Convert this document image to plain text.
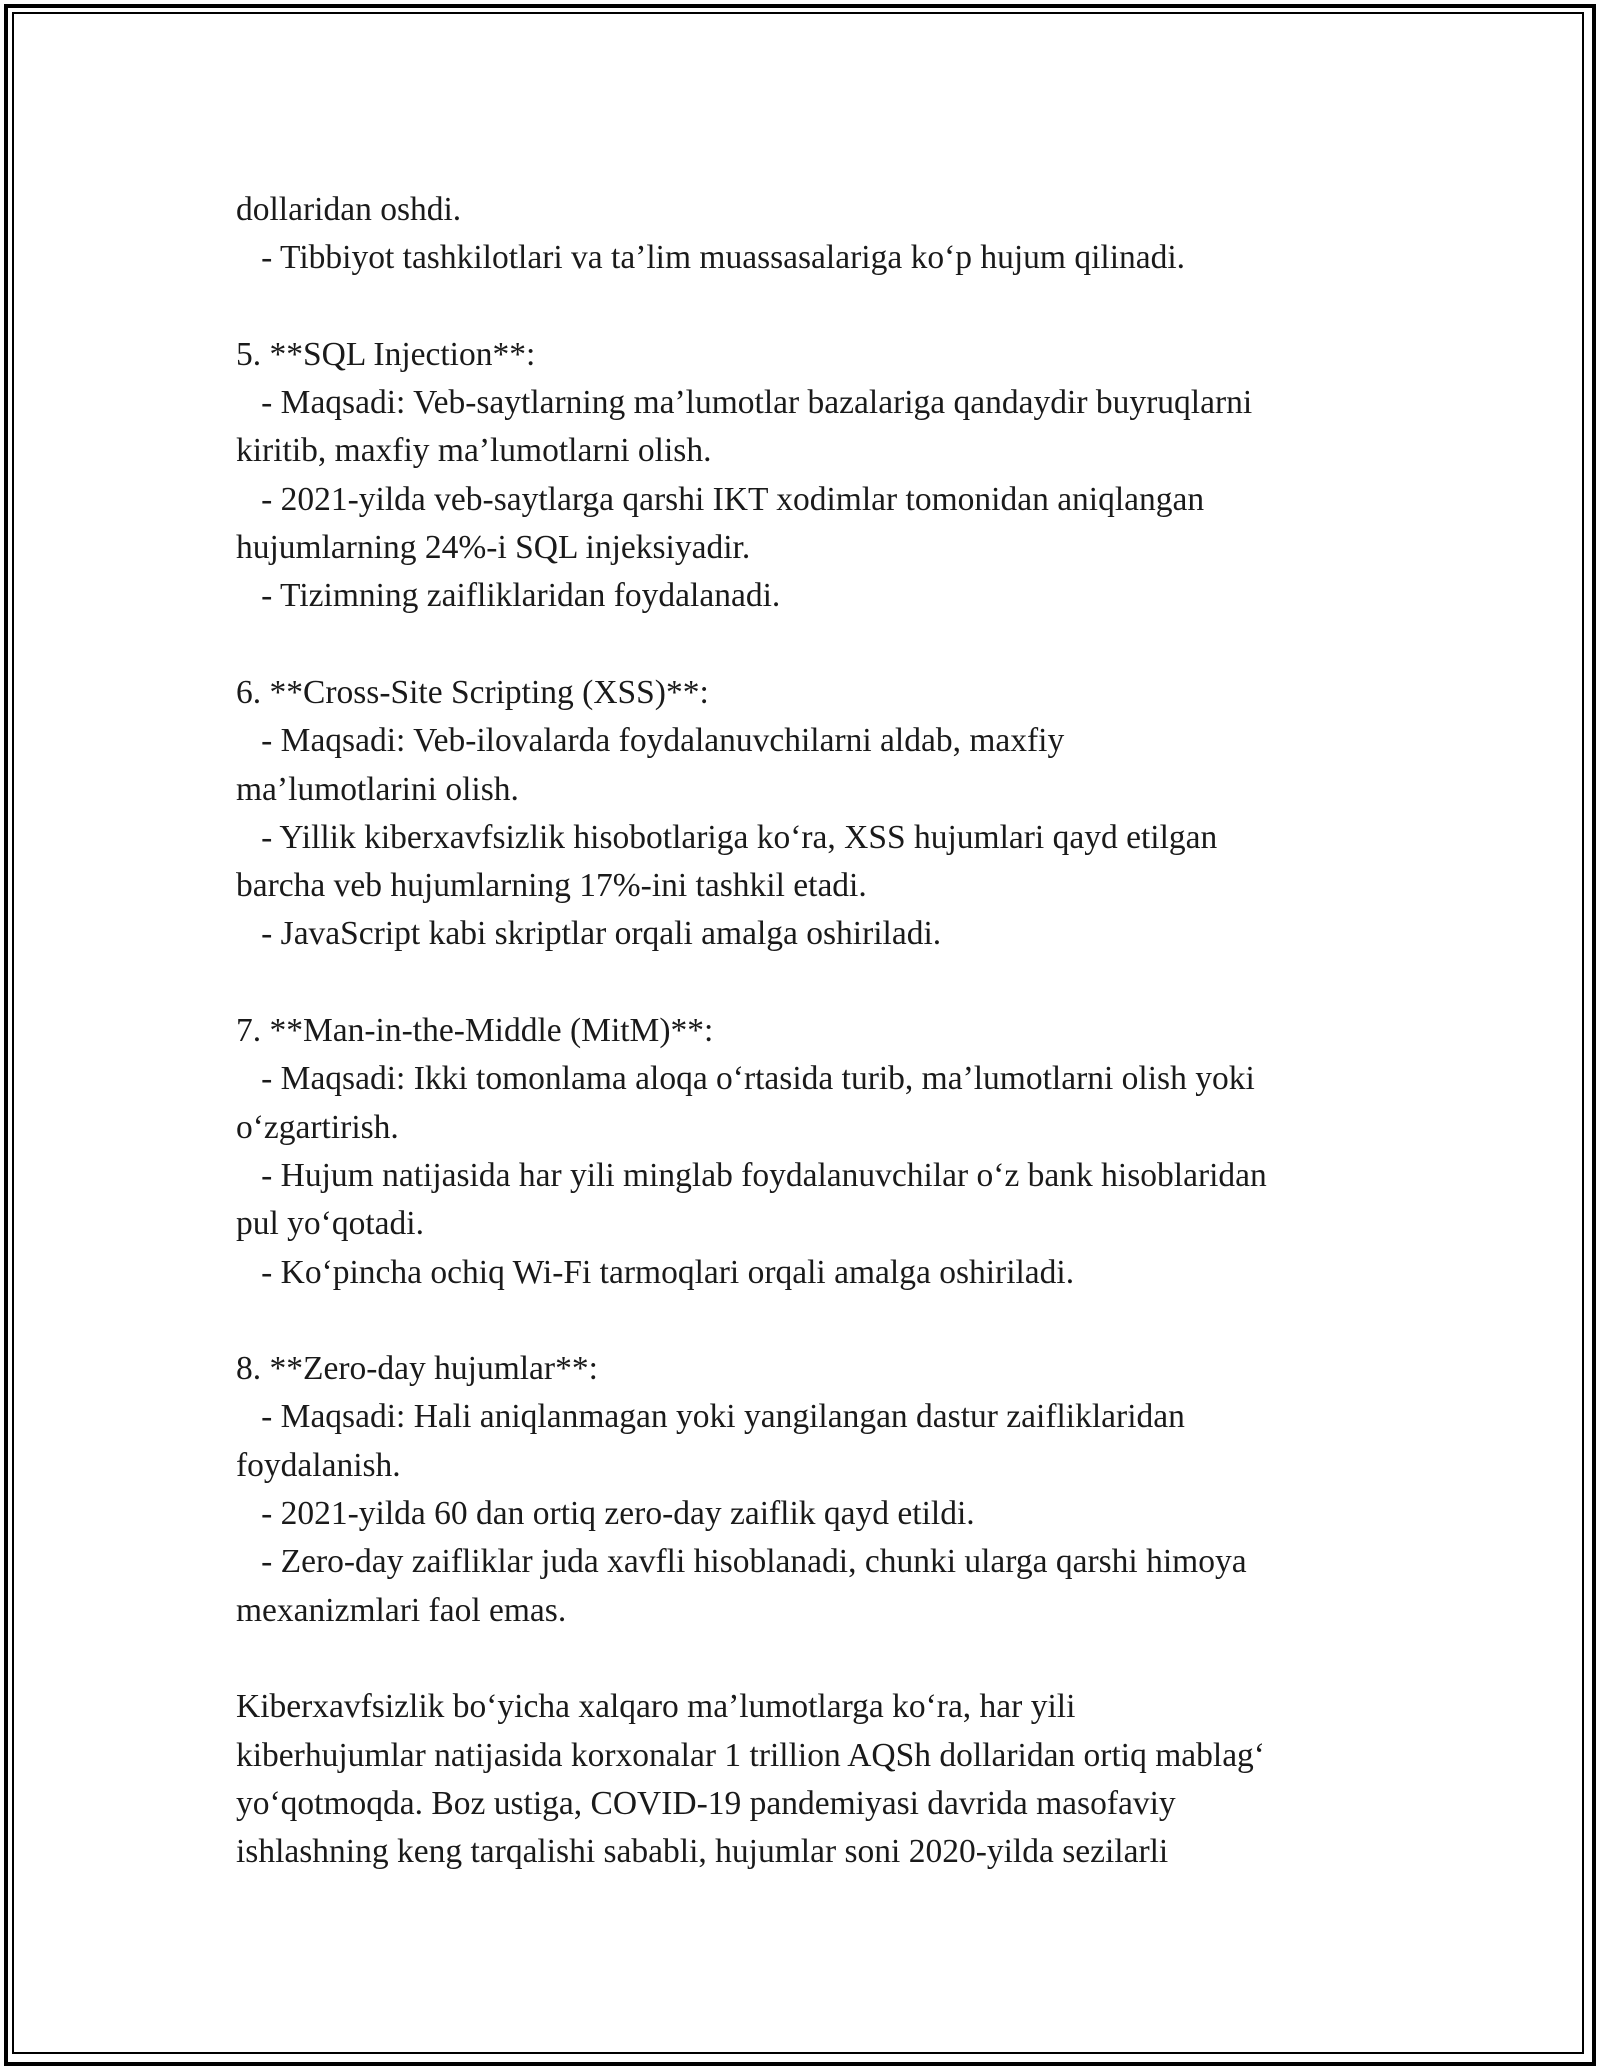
dollaridan oshdi.
- Tibbiyot tashkilotlari va ta’lim muassasalariga ko‘p hujum qilinadi.
5. **SQL Injection**:
- Maqsadi: Veb-saytlarning ma’lumotlar bazalariga qandaydir buyruqlarni
kiritib, maxfiy ma’lumotlarni olish.
- 2021-yilda veb-saytlarga qarshi IKT xodimlar tomonidan aniqlangan
hujumlarning 24%-i SQL injeksiyadir.
- Tizimning zaifliklaridan foydalanadi.
6. **Cross-Site Scripting (XSS)**:
- Maqsadi: Veb-ilovalarda foydalanuvchilarni aldab, maxfiy
ma’lumotlarini olish.
- Yillik kiberxavfsizlik hisobotlariga ko‘ra, XSS hujumlari qayd etilgan
barcha veb hujumlarning 17%-ini tashkil etadi.
- JavaScript kabi skriptlar orqali amalga oshiriladi.
7. **Man-in-the-Middle (MitM)**:
- Maqsadi: Ikki tomonlama aloqa o‘rtasida turib, ma’lumotlarni olish yoki
o‘zgartirish.
- Hujum natijasida har yili minglab foydalanuvchilar o‘z bank hisoblaridan
pul yo‘qotadi.
- Ko‘pincha ochiq Wi-Fi tarmoqlari orqali amalga oshiriladi.
8. **Zero-day hujumlar**:
- Maqsadi: Hali aniqlanmagan yoki yangilangan dastur zaifliklaridan
foydalanish.
- 2021-yilda 60 dan ortiq zero-day zaiflik qayd etildi.
- Zero-day zaifliklar juda xavfli hisoblanadi, chunki ularga qarshi himoya
mexanizmlari faol emas.
Kiberxavfsizlik bo‘yicha xalqaro ma’lumotlarga ko‘ra, har yili
kiberhujumlar natijasida korxonalar 1 trillion AQSh dollaridan ortiq mablag‘
yo‘qotmoqda. Boz ustiga, COVID-19 pandemiyasi davrida masofaviy
ishlashning keng tarqalishi sababli, hujumlar soni 2020-yilda sezilarli
